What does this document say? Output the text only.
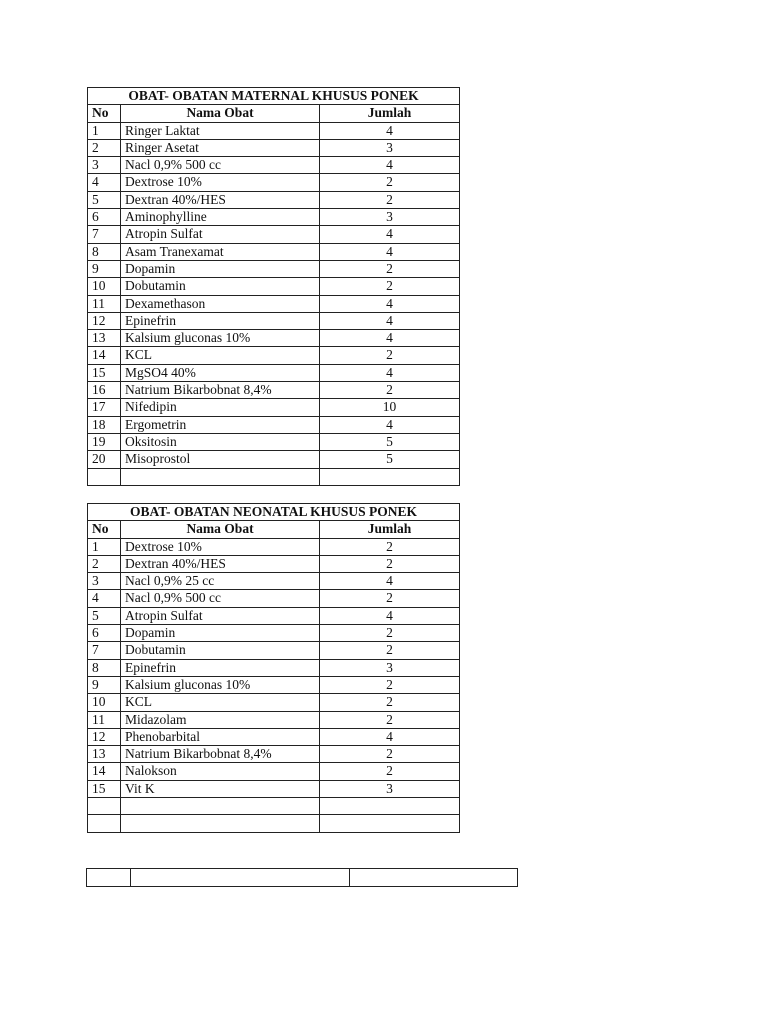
OBAT- OBATAN MATERNAL KHUSUS PONEK		
No	Nama Obat	Jumlah
1	Ringer Laktat	4
2	Ringer Asetat	3
3	Nacl 0,9% 500 cc	4
4	Dextrose 10%	2
5	Dextran 40%/HES	2
6	Aminophylline	3
7	Atropin Sulfat	4
8	Asam Tranexamat	4
9	Dopamin	2
10	Dobutamin	2
11	Dexamethason	4
12	Epinefrin	4
13	Kalsium gluconas 10%	4
14	KCL	2
15	MgSO4 40%	4
16	Natrium Bikarbobnat 8,4%	2
17	Nifedipin	10
18	Ergometrin	4
19	Oksitosin	5
20	Misoprostol	5

OBAT- OBATAN NEONATAL KHUSUS PONEK		
No	Nama Obat	Jumlah
1	Dextrose 10%	2
2	Dextran 40%/HES	2
3	Nacl 0,9% 25 cc	4
4	Nacl 0,9% 500 cc	2
5	Atropin Sulfat	4
6	Dopamin	2
7	Dobutamin	2
8	Epinefrin	3
9	Kalsium gluconas 10%	2
10	KCL	2
11	Midazolam	2
12	Phenobarbital	4
13	Natrium Bikarbobnat 8,4%	2
14	Nalokson	2
15	Vit K	3
